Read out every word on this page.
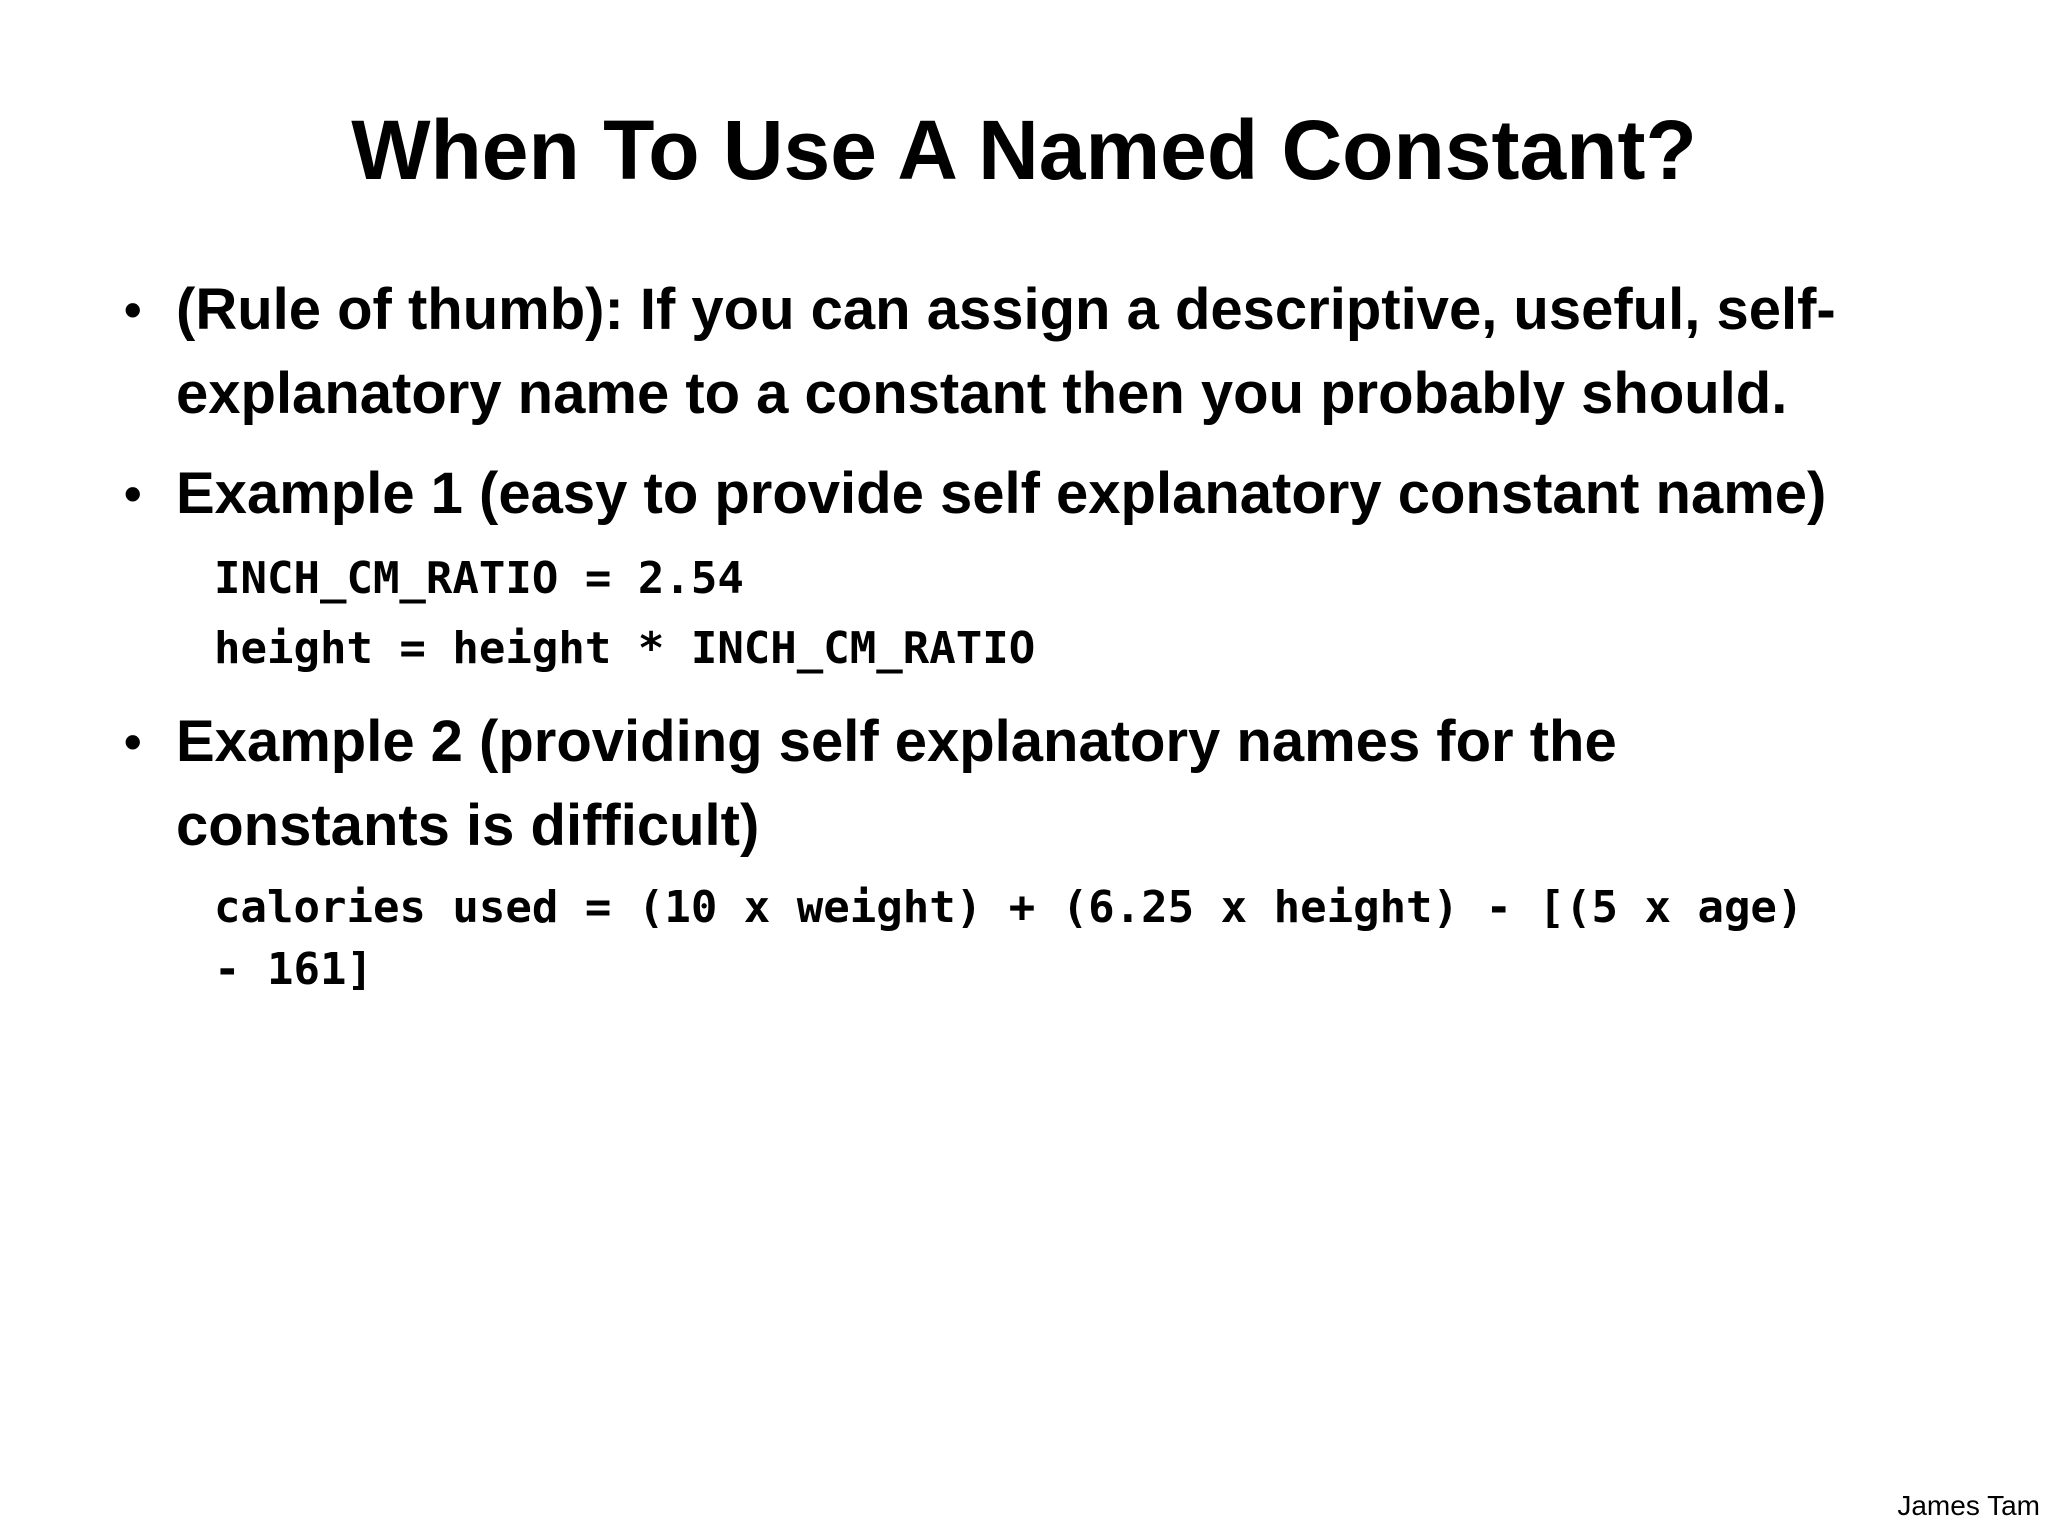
When To Use A Named Constant?
• (Rule of thumb): If you can assign a descriptive, useful, self-
explanatory name to a constant then you probably should.
• Example 1 (easy to provide self explanatory constant name)
INCH_CM_RATIO = 2.54
height = height * INCH_CM_RATIO
• Example 2 (providing self explanatory names for the
constants is difficult)
calories used = (10 x weight) + (6.25 x height) - [(5 x age)
- 161]
James Tam
